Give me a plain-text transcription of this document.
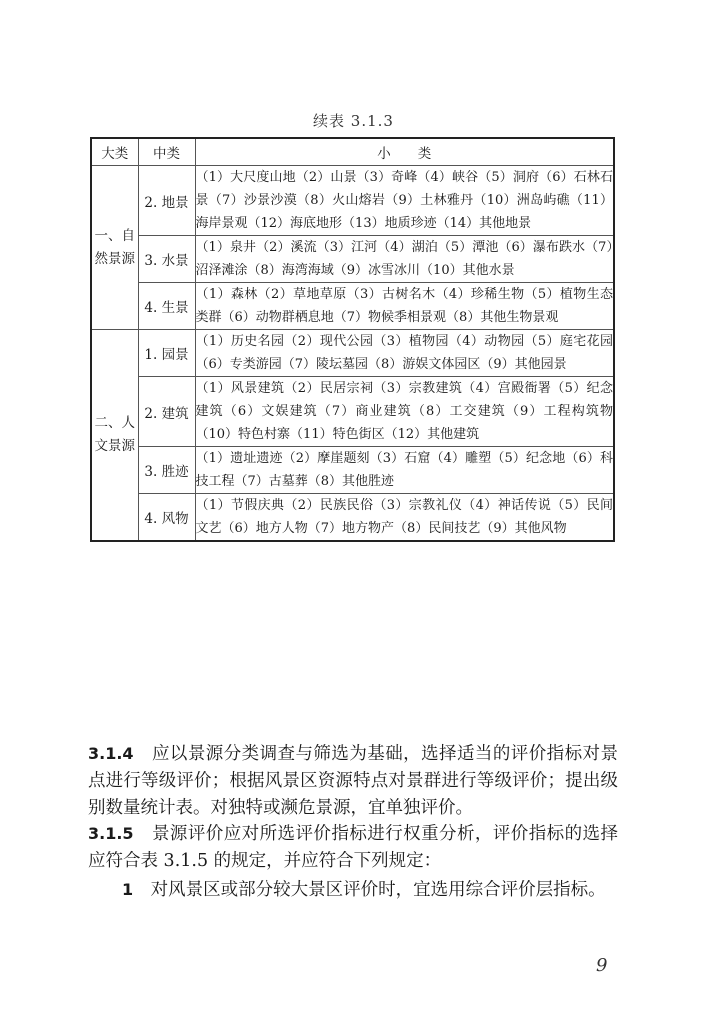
续表 3.1.3
大类	中类	小　　类
一、自然景源	2. 地景	（1）大尺度山地（2）山景（3）奇峰（4）峡谷（5）洞府（6）石林石景（7）沙景沙漠（8）火山熔岩（9）土林雅丹（10）洲岛屿礁（11）海岸景观（12）海底地形（13）地质珍迹（14）其他地景
	3. 水景	（1）泉井（2）溪流（3）江河（4）湖泊（5）潭池（6）瀑布跌水（7）沼泽滩涂（8）海湾海域（9）冰雪冰川（10）其他水景
	4. 生景	（1）森林（2）草地草原（3）古树名木（4）珍稀生物（5）植物生态类群（6）动物群栖息地（7）物候季相景观（8）其他生物景观
二、人文景源	1. 园景	（1）历史名园（2）现代公园（3）植物园（4）动物园（5）庭宅花园（6）专类游园（7）陵坛墓园（8）游娱文体园区（9）其他园景
	2. 建筑	（1）风景建筑（2）民居宗祠（3）宗教建筑（4）宫殿衙署（5）纪念建筑（6）文娱建筑（7）商业建筑（8）工交建筑（9）工程构筑物（10）特色村寨（11）特色街区（12）其他建筑
	3. 胜迹	（1）遗址遗迹（2）摩崖题刻（3）石窟（4）雕塑（5）纪念地（6）科技工程（7）古墓葬（8）其他胜迹
	4. 风物	（1）节假庆典（2）民族民俗（3）宗教礼仪（4）神话传说（5）民间文艺（6）地方人物（7）地方物产（8）民间技艺（9）其他风物
3.1.4　 应以景源分类调查与筛选为基础，选择适当的评价指标对景点进行等级评价；根据风景区资源特点对景群进行等级评价；提出级别数量统计表。对独特或濒危景源，宜单独评价。
3.1.5　 景源评价应对所选评价指标进行权重分析，评价指标的选择应符合表 3.1.5 的规定，并应符合下列规定：
1　 对风景区或部分较大景区评价时，宜选用综合评价层指标。
9
